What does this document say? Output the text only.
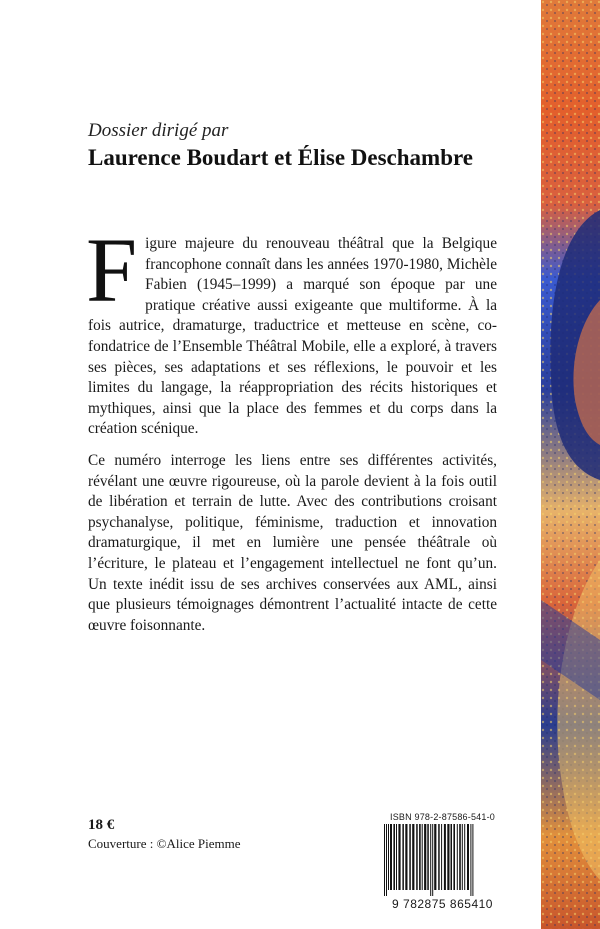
Dossier dirigé par

Laurence Boudart et Élise Deschambre

Figure majeure du renouveau théâtral que la Belgique francophone connaît dans les années 1970-1980, Michèle Fabien (1945–1999) a marqué son époque par une pratique créative aussi exigeante que multiforme. À la fois autrice, dramaturge, traductrice et metteuse en scène, co-fondatrice de l’Ensemble Théâtral Mobile, elle a exploré, à travers ses pièces, ses adaptations et ses réflexions, le pouvoir et les limites du langage, la réappropriation des récits historiques et mythiques, ainsi que la place des femmes et du corps dans la création scénique.

Ce numéro interroge les liens entre ses différentes activités, révélant une œuvre rigoureuse, où la parole devient à la fois outil de libération et terrain de lutte. Avec des contributions croisant psychanalyse, politique, féminisme, traduction et innovation dramaturgique, il met en lumière une pensée théâtrale où l’écriture, le plateau et l’engagement intellectuel ne font qu’un. Un texte inédit issu de ses archives conservées aux AML, ainsi que plusieurs témoignages démontrent l’actualité intacte de cette œuvre foisonnante.

18 €
Couverture : ©Alice Piemme
ISBN 978-2-87586-541-0
9 782875 865410
